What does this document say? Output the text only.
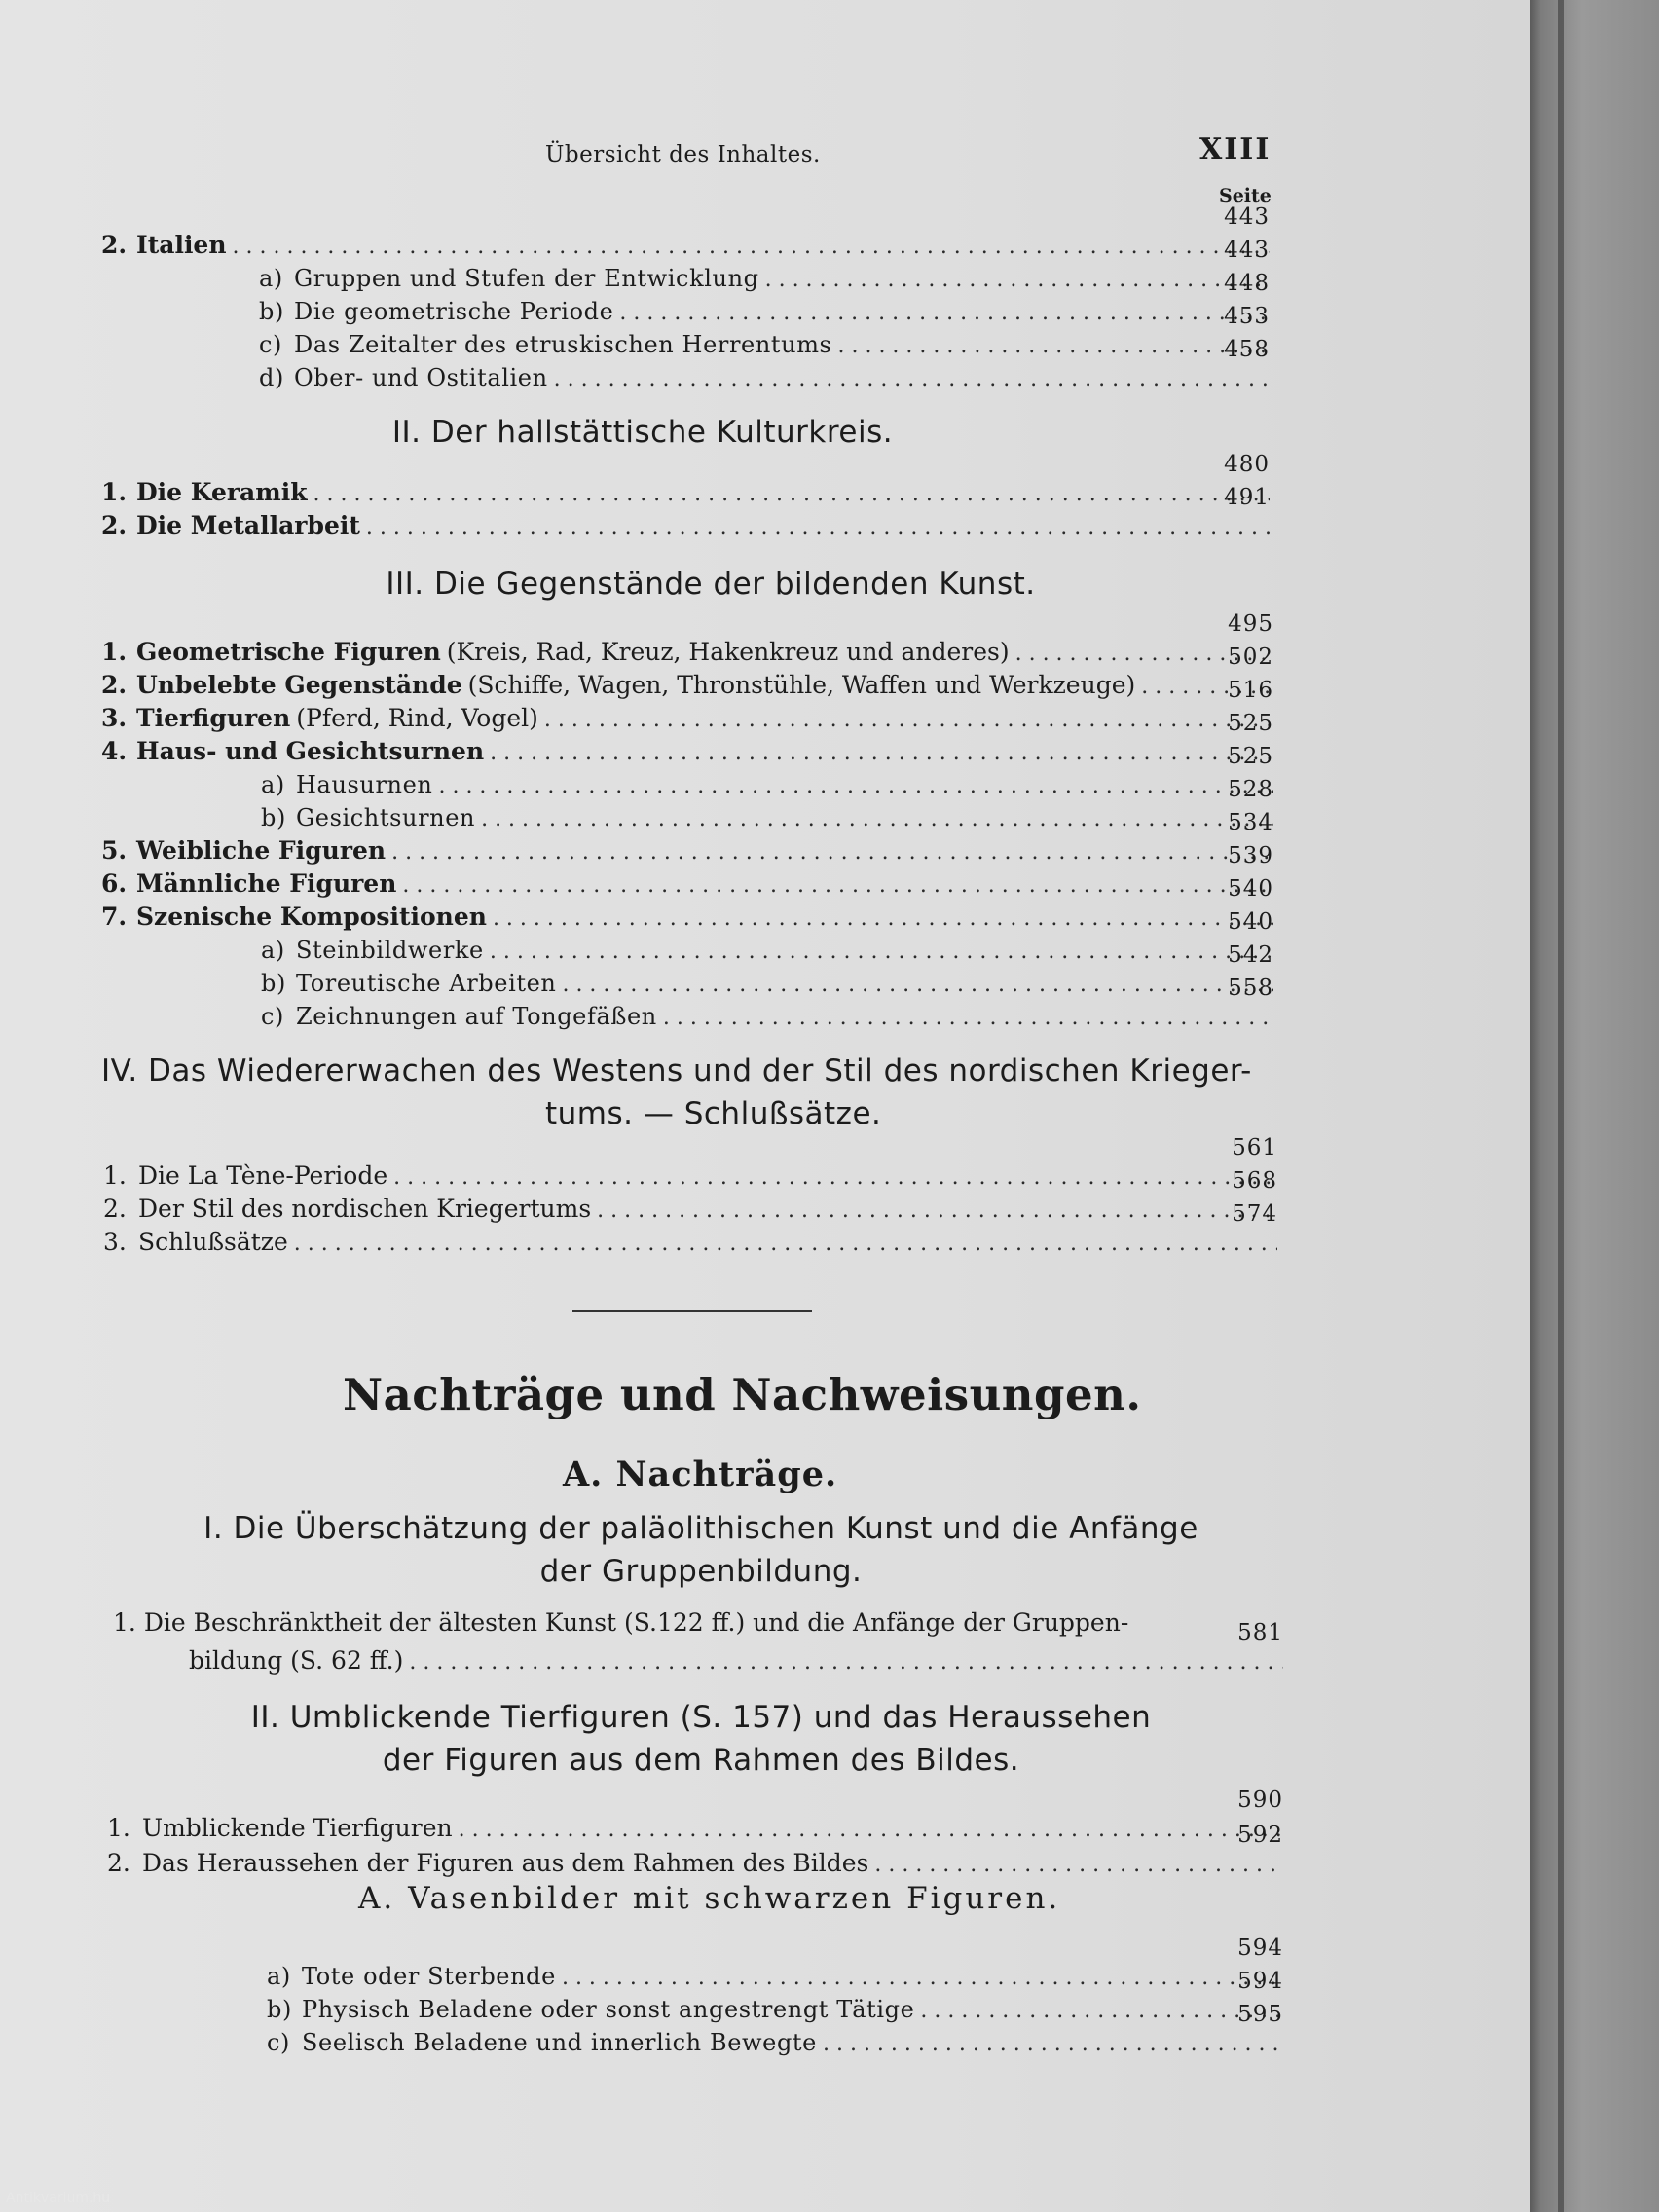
Übersicht des Inhaltes.	XIII
Seite
2. Italien
. . .
443
a) Gruppen und Stufen der Entwicklung
. . .
443
b) Die geometrische Periode
. . .
448
c) Das Zeitalter des etruskischen Herrentums
. . .
453
d) Ober- und Ostitalien
. . .
458
II. Der hallstättische Kulturkreis.
1. Die Keramik
. . .
480
2. Die Metallarbeit
. . .
491
III. Die Gegenstände der bildenden Kunst.
1. Geometrische Figuren (Kreis, Rad, Kreuz, Hakenkreuz und anderes)
. . .
495
2. Unbelebte Gegenstände (Schiffe, Wagen, Thronstühle, Waffen und Werkzeuge)
. . .
502
3. Tierfiguren (Pferd, Rind, Vogel)
. . .
516
4. Haus- und Gesichtsurnen
. . .
525
a) Hausurnen
. . .
525
b) Gesichtsurnen
. . .
528
5. Weibliche Figuren
. . .
534
6. Männliche Figuren
. . .
539
7. Szenische Kompositionen
. . .
540
a) Steinbildwerke
. . .
540
b) Toreutische Arbeiten
. . .
542
c) Zeichnungen auf Tongefäßen
. . .
558
IV. Das Wiedererwachen des Westens und der Stil des nordischen Krieger-
tums. — Schlußsätze.
1. Die La Tène-Periode
. . .
561
2. Der Stil des nordischen Kriegertums
. . .
568
3. Schlußsätze
. . .
574
Nachträge und Nachweisungen.
A. Nachträge.
I. Die Überschätzung der paläolithischen Kunst und die Anfänge
der Gruppenbildung.
1. Die Beschränktheit der ältesten Kunst (S.122 ff.) und die Anfänge der Gruppen-
bildung (S. 62 ff.)
. . .
581
II. Umblickende Tierfiguren (S. 157) und das Heraussehen
der Figuren aus dem Rahmen des Bildes.
1. Umblickende Tierfiguren
. . .
590
2. Das Heraussehen der Figuren aus dem Rahmen des Bildes
. . .
592
A. Vasenbilder mit schwarzen Figuren.
a) Tote oder Sterbende
. . .
594
b) Physisch Beladene oder sonst angestrengt Tätige
. . .
594
c) Seelisch Beladene und innerlich Bewegte
. . .
595
Antikvarium.hu
